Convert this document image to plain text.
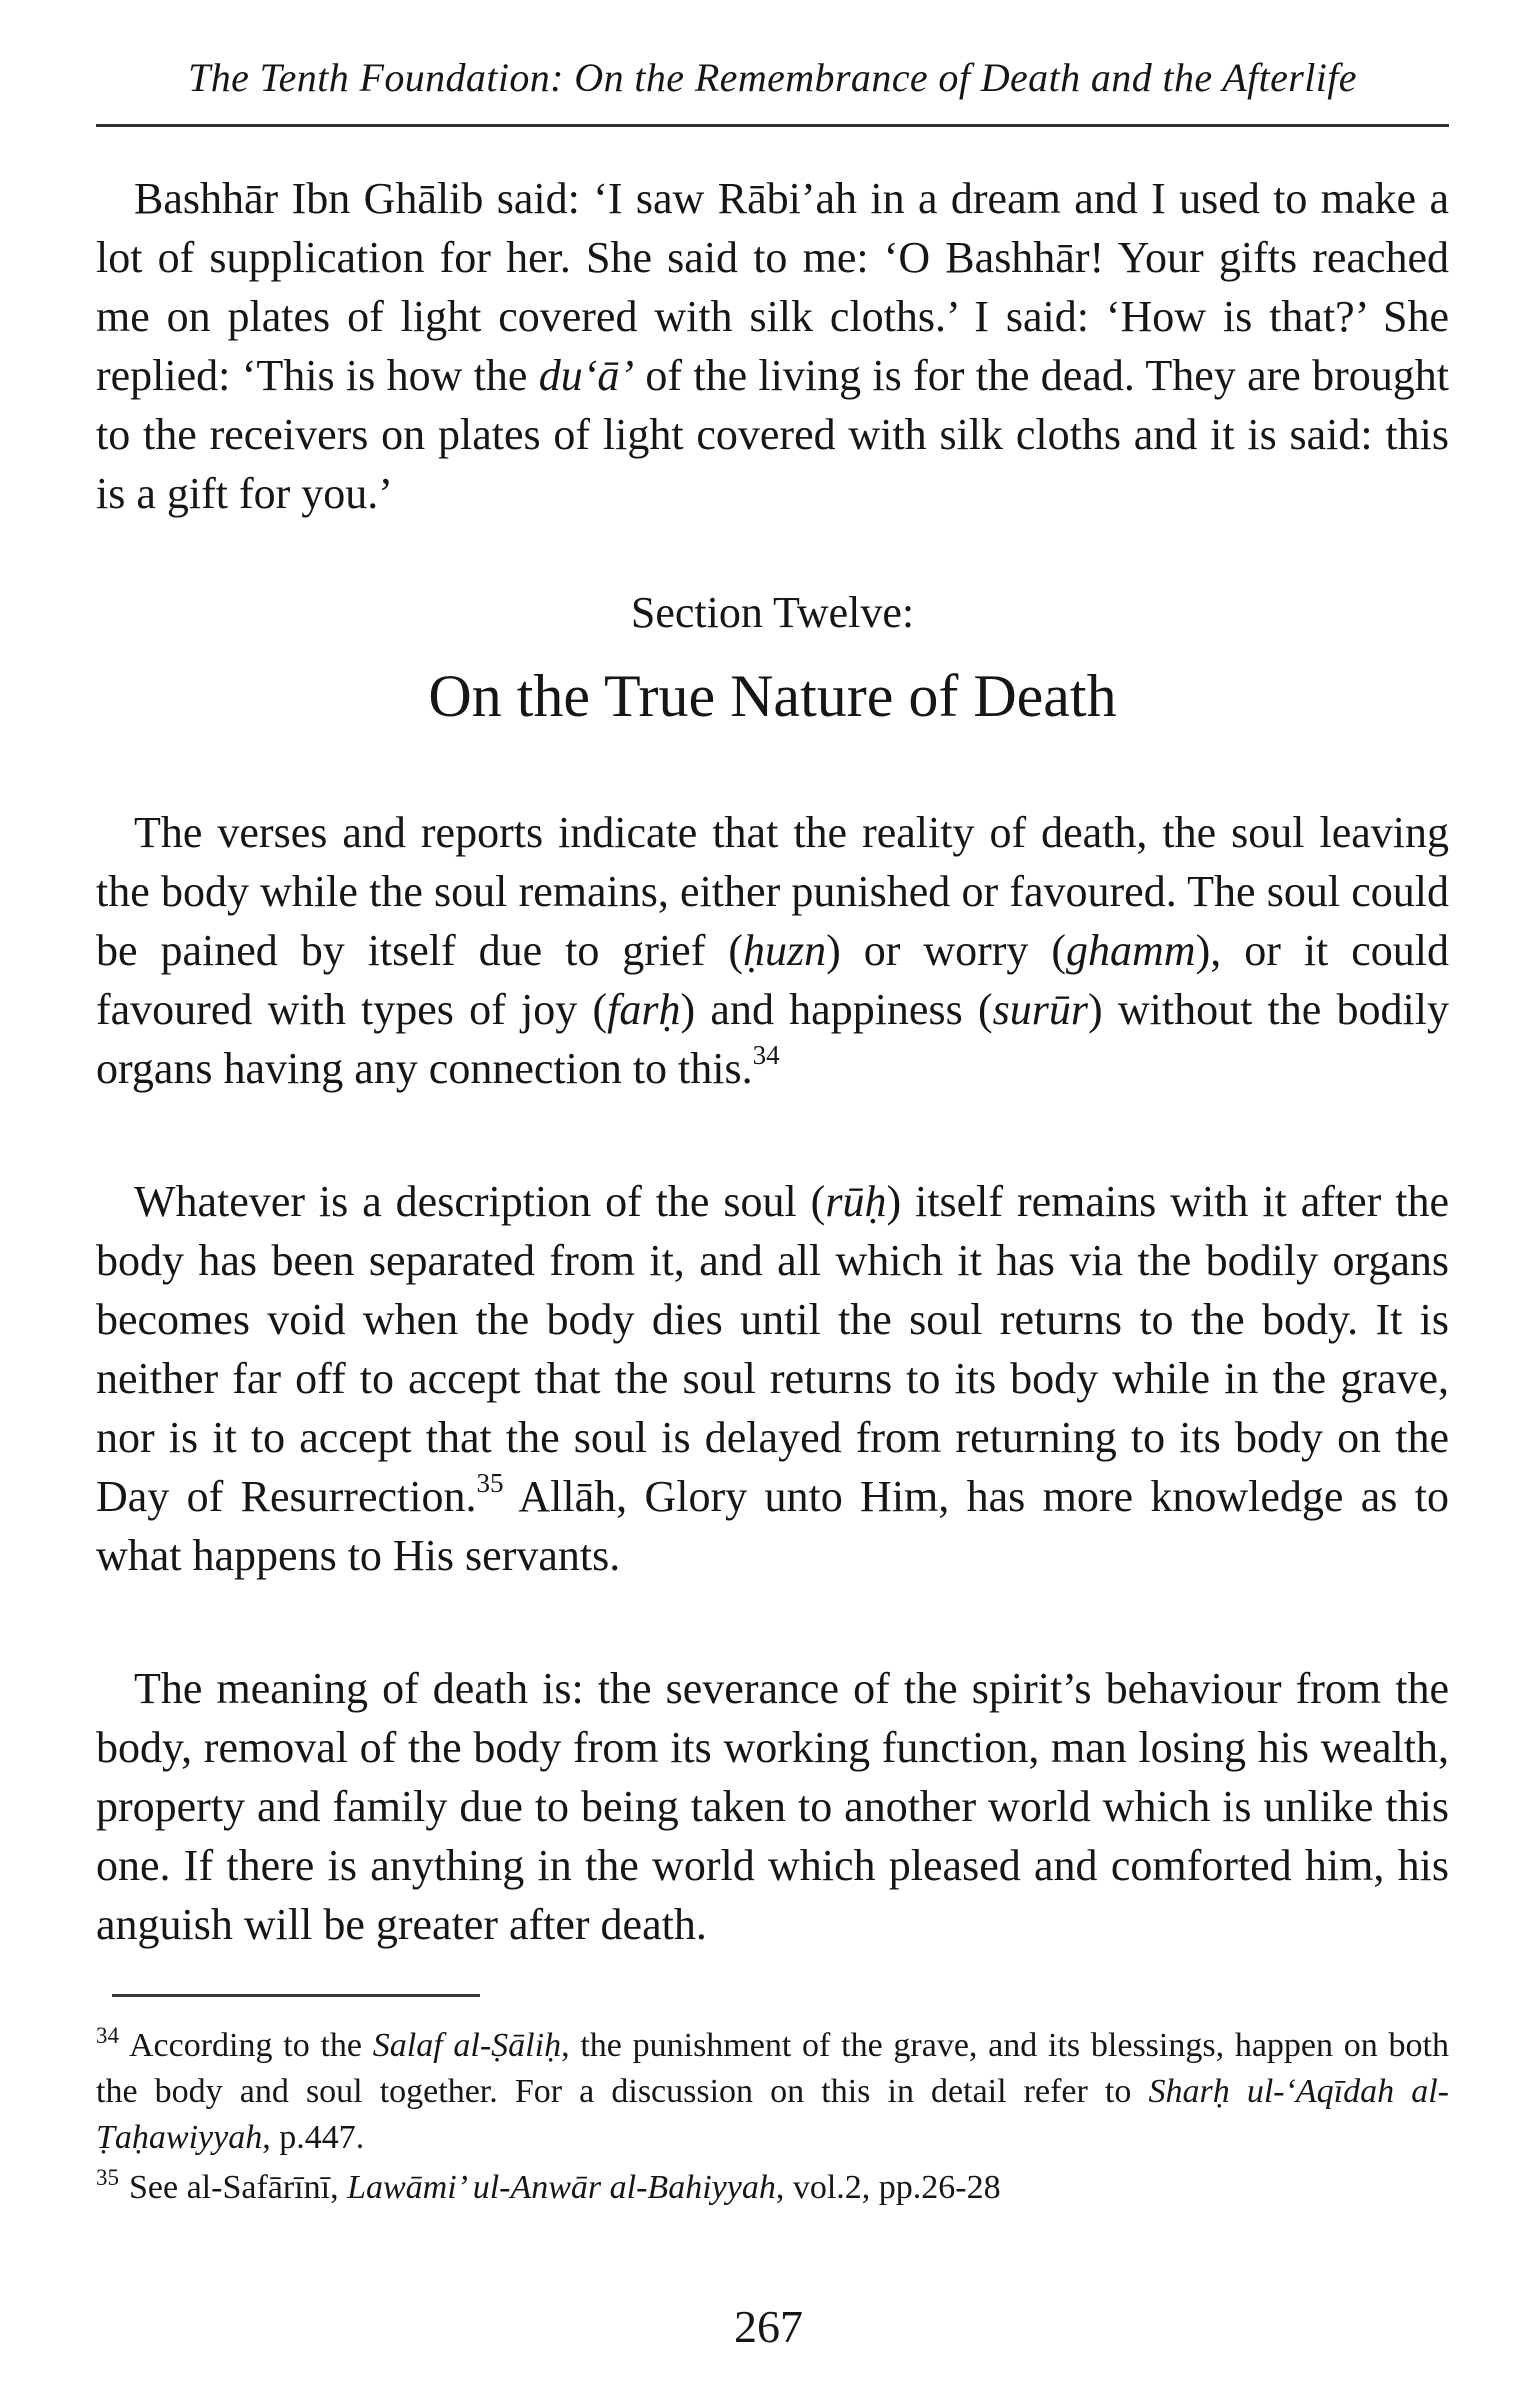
The Tenth Foundation: On the Remembrance of Death and the Afterlife

Bashhār Ibn Ghālib said: ‘I saw Rābi’ah in a dream and I used to make a lot of supplication for her. She said to me: ‘O Bashhār! Your gifts reached me on plates of light covered with silk cloths.’ I said: ‘How is that?’ She replied: ‘This is how the du‘ā’ of the living is for the dead. They are brought to the receivers on plates of light covered with silk cloths and it is said: this is a gift for you.’

Section Twelve:
On the True Nature of Death

The verses and reports indicate that the reality of death, the soul leaving the body while the soul remains, either punished or favoured. The soul could be pained by itself due to grief (ḥuzn) or worry (ghamm), or it could favoured with types of joy (farḥ) and happiness (surūr) without the bodily organs having any connection to this.$^{34}$

Whatever is a description of the soul (rūḥ) itself remains with it after the body has been separated from it, and all which it has via the bodily organs becomes void when the body dies until the soul returns to the body. It is neither far off to accept that the soul returns to its body while in the grave, nor is it to accept that the soul is delayed from returning to its body on the Day of Resurrection.$^{35}$ Allāh, Glory unto Him, has more knowledge as to what happens to His servants.

The meaning of death is: the severance of the spirit’s behaviour from the body, removal of the body from its working function, man losing his wealth, property and family due to being taken to another world which is unlike this one. If there is anything in the world which pleased and comforted him, his anguish will be greater after death.

$^{34}$ According to the Salaf al-Ṣāliḥ, the punishment of the grave, and its blessings, happen on both the body and soul together. For a discussion on this in detail refer to Sharḥ ul-‘Aqīdah al-Ṭaḥawiyyah, p.447.
$^{35}$ See al-Safārīnī, Lawāmi’ ul-Anwār al-Bahiyyah, vol.2, pp.26-28
267
